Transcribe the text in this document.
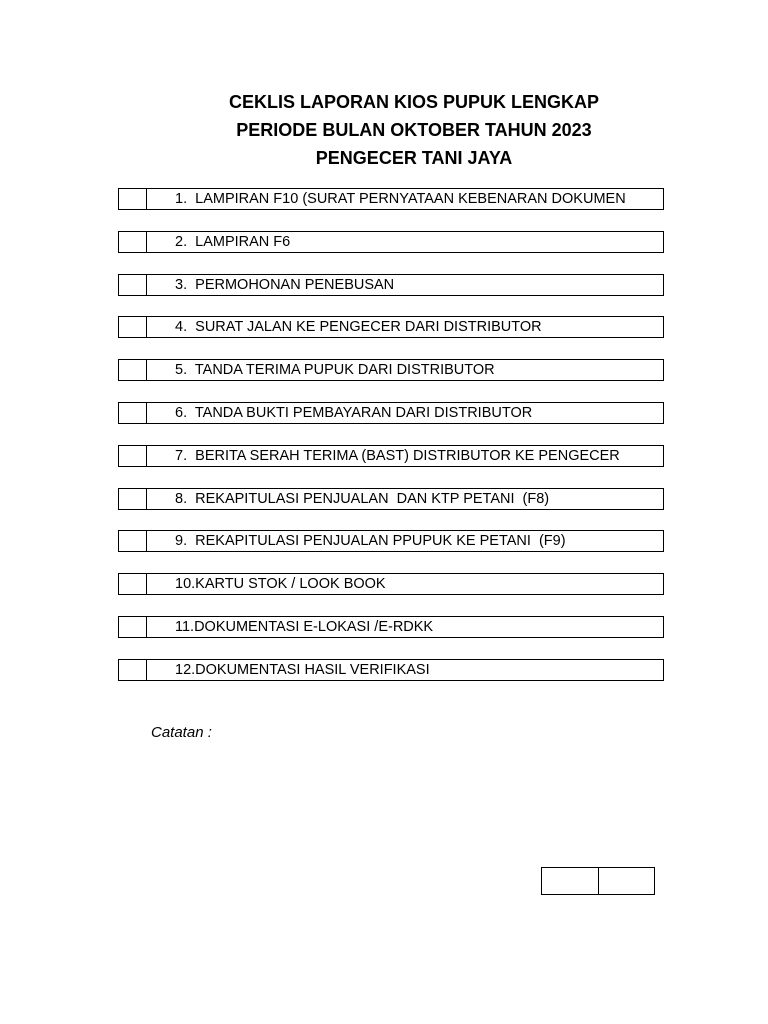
CEKLIS LAPORAN KIOS PUPUK LENGKAP
PERIODE BULAN OKTOBER TAHUN 2023
PENGECER TANI JAYA
1.  LAMPIRAN F10 (SURAT PERNYATAAN KEBENARAN DOKUMEN
2.  LAMPIRAN F6
3.  PERMOHONAN PENEBUSAN
4.  SURAT JALAN KE PENGECER DARI DISTRIBUTOR
5.  TANDA TERIMA PUPUK DARI DISTRIBUTOR
6.  TANDA BUKTI PEMBAYARAN DARI DISTRIBUTOR
7.  BERITA SERAH TERIMA (BAST) DISTRIBUTOR KE PENGECER
8.  REKAPITULASI PENJUALAN  DAN KTP PETANI  (F8)
9.  REKAPITULASI PENJUALAN PPUPUK KE PETANI  (F9)
10.KARTU STOK / LOOK BOOK
11.DOKUMENTASI E-LOKASI /E-RDKK
12.DOKUMENTASI HASIL VERIFIKASI
Catatan :
